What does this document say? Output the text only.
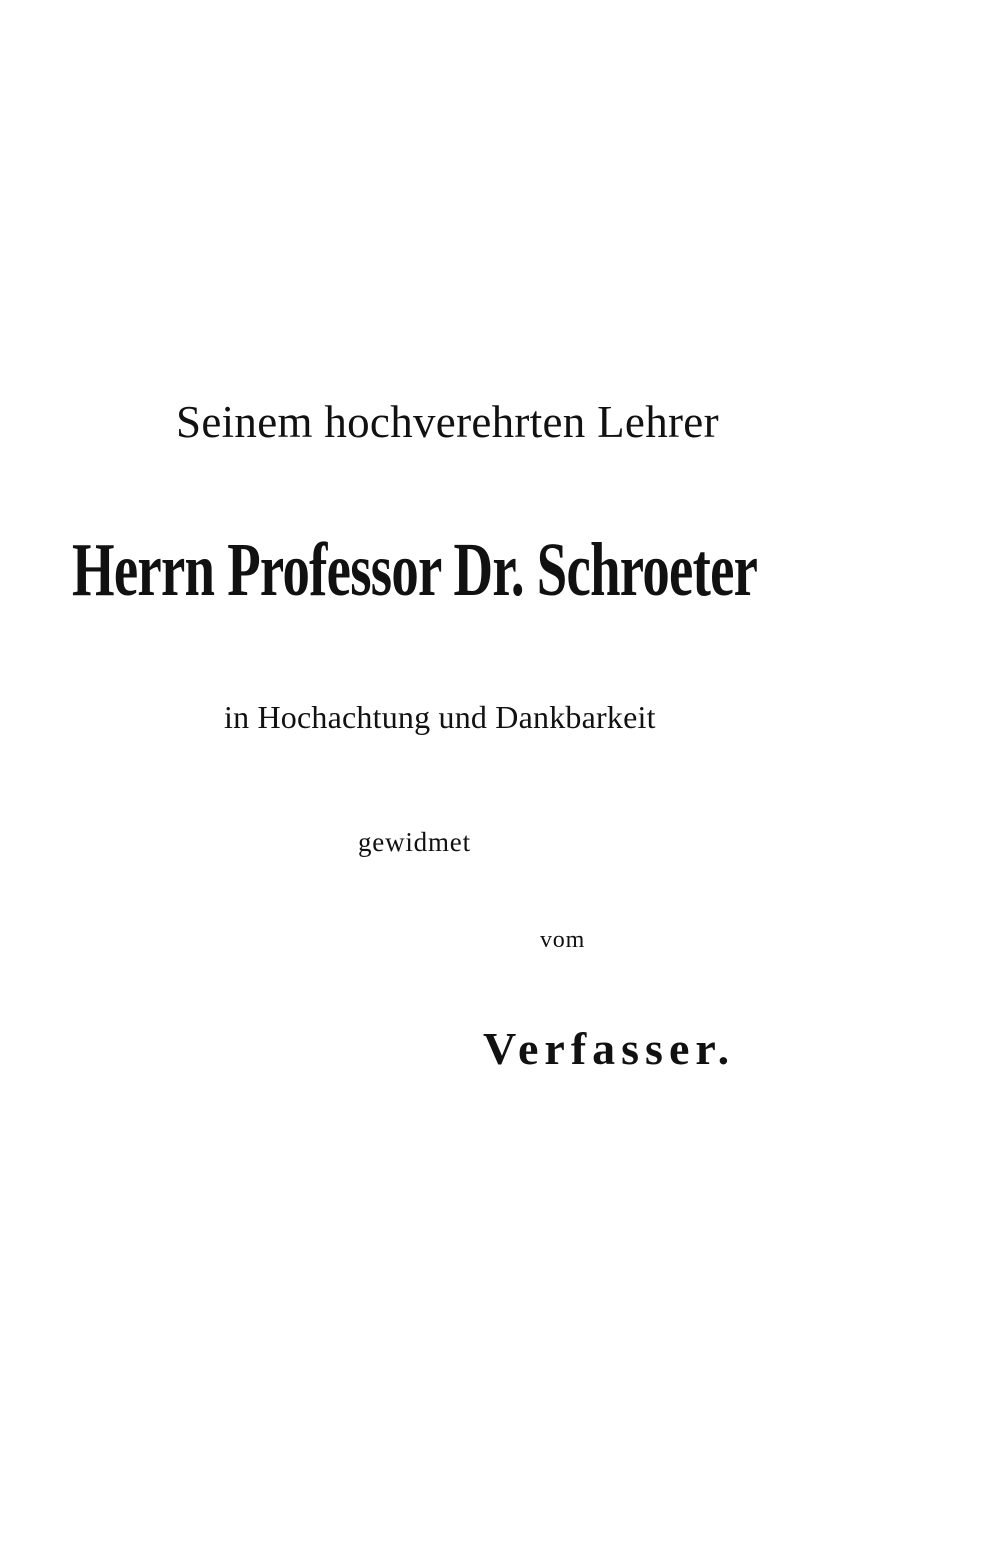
Seinem hochverehrten Lehrer
Herrn Professor Dr. Schroeter
in Hochachtung und Dankbarkeit
gewidmet
vom
Verfasser.
